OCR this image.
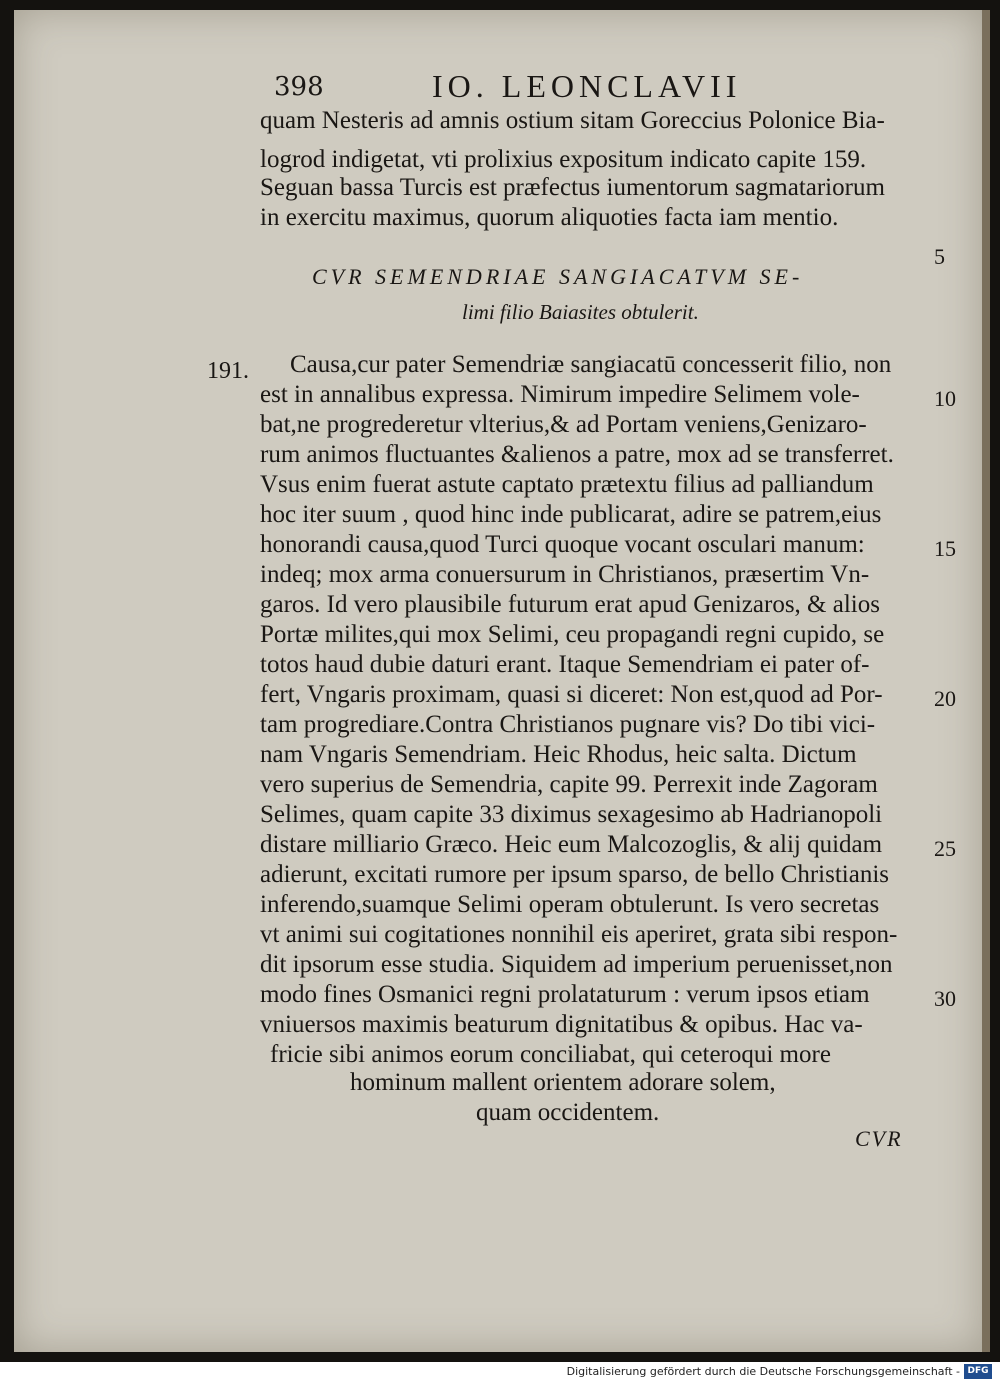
398	IO. LEONCLAVII
quam Nesteris ad amnis ostium sitam Goreccius Polonice Bia-
logrod indigetat, vti prolixius expositum indicato capite 159.
Seguan bassa Turcis est præfectus iumentorum sagmatariorum
in exercitu maximus, quorum aliquoties facta iam mentio.
CVR SEMENDRIAE SANGIACATVM SE-
limi filio Baiasites obtulerit.
5
191. Causa,cur pater Semendriæ sangiacatū concesserit filio, non
est in annalibus expressa. Nimirum impedire Selimem vole-
bat,ne progrederetur vlterius,& ad Portam veniens,Genizaro-
rum animos fluctuantes &alienos a patre, mox ad se transferret.
Vsus enim fuerat astute captato prætextu filius ad palliandum
hoc iter suum , quod hinc inde publicarat, adire se patrem,eius
honorandi causa,quod Turci quoque vocant osculari manum:
indeq; mox arma conuersurum in Christianos, præsertim Vn-
garos. Id vero plausibile futurum erat apud Genizaros, & alios
Portæ milites,qui mox Selimi, ceu propagandi regni cupido, se
totos haud dubie daturi erant. Itaque Semendriam ei pater of-
fert, Vngaris proximam, quasi si diceret: Non est,quod ad Por-
tam progrediare.Contra Christianos pugnare vis? Do tibi vici-
nam Vngaris Semendriam. Heic Rhodus, heic salta. Dictum
vero superius de Semendria, capite 99. Perrexit inde Zagoram
Selimes, quam capite 33 diximus sexagesimo ab Hadrianopoli
distare milliario Græco. Heic eum Malcozoglis, & alij quidam
adierunt, excitati rumore per ipsum sparso, de bello Christianis
inferendo,suamque Selimi operam obtulerunt. Is vero secretas
vt animi sui cogitationes nonnihil eis aperiret, grata sibi respon-
dit ipsorum esse studia. Siquidem ad imperium peruenisset,non
modo fines Osmanici regni prolataturum : verum ipsos etiam
vniuersos maximis beaturum dignitatibus & opibus. Hac va-
fricie sibi animos eorum conciliabat, qui ceteroqui more
hominum mallent orientem adorare solem,
quam occidentem.
10
15
20
25
30
CVR
Digitalisierung gefördert durch die Deutsche Forschungsgemeinschaft - DFG
